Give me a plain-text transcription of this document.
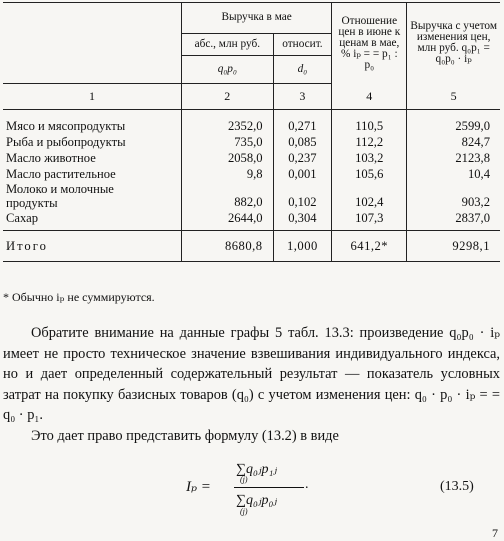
	Выручка в мае		Отношение цен в июне к ценам в мае, % iₚ = = p₁ : p₀	Выручка с учетом изменения цен, млн руб. q₀p₁ = q₀p₀ · iₚ
	абс., млн руб.	относит.		
	q₀p₀	d₀		
1	2	3	4	5

Мясо и мясопродукты	2352,0	0,271	110,5	2599,0
Рыба и рыбопродукты	735,0	0,085	112,2	824,7
Масло животное	2058,0	0,237	103,2	2123,8
Масло растительное	9,8	0,001	105,6	10,4
Молоко и молочные продукты	882,0	0,102	102,4	903,2
Сахар	2644,0	0,304	107,3	2837,0
Итого	8680,8	1,000	641,2*	9298,1
* Обычно iₚ не суммируются.

Обратите внимание на данные графы 5 табл. 13.3: произведение q₀p₀ · iₚ имеет не просто техническое значение взвешивания индивидуального индекса, но и дает определенный содержательный результат — показатель условных затрат на покупку базисных товаров (q₀) с учетом изменения цен: q₀ · p₀ · iₚ = = q₀ · p₁.

Это дает право представить формулу (13.2) в виде

Iₚ =
∑q₀ⱼp₁ⱼ
(j)
∑q₀ⱼp₀ⱼ
(j)
.	(13.5)
7
